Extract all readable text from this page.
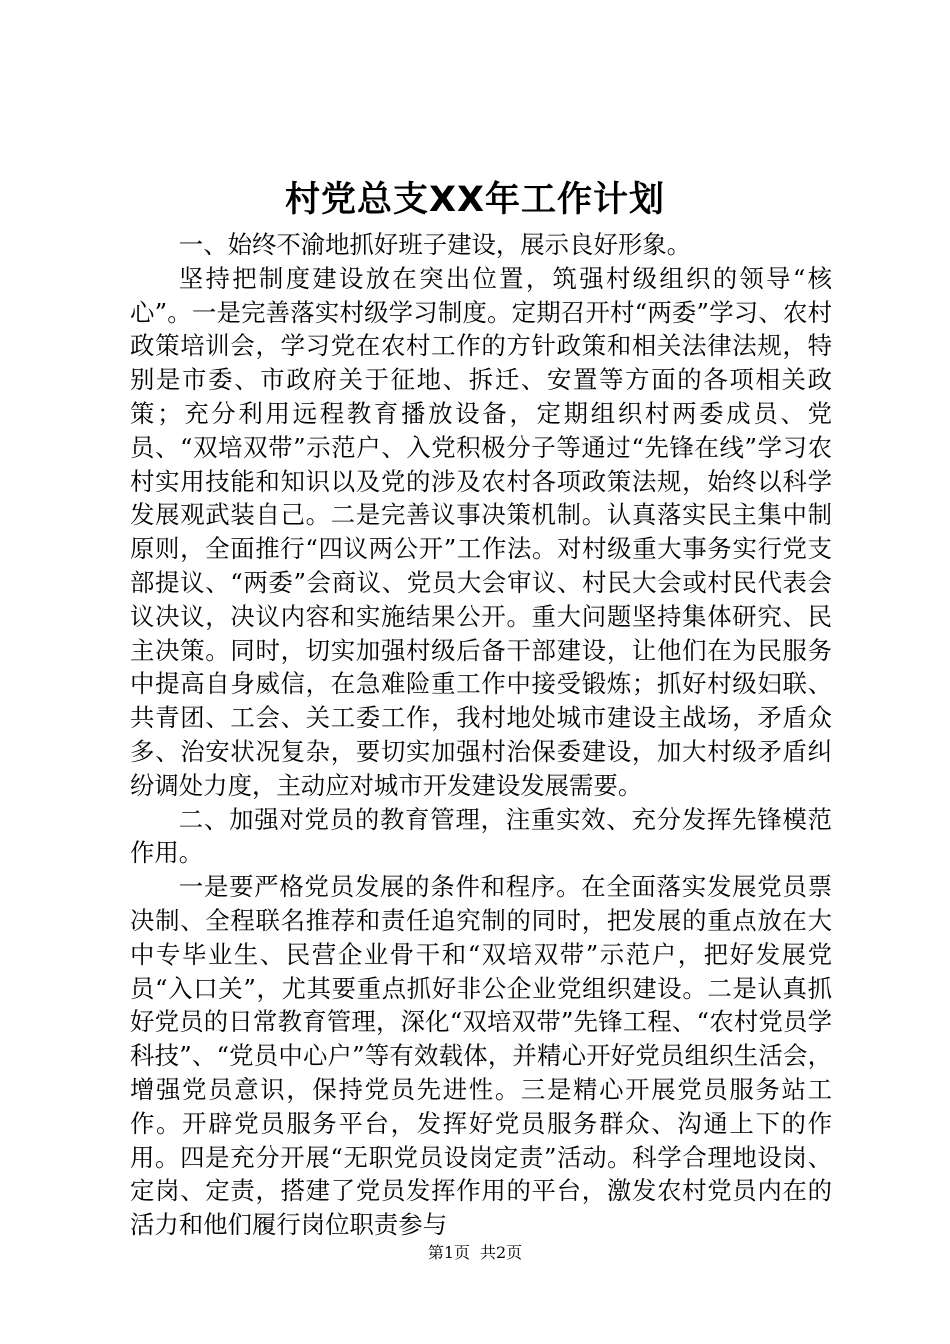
村党总支XX年工作计划

一、始终不渝地抓好班子建设，展示良好形象。

坚持把制度建设放在突出位置，筑强村级组织的领导“核心”。一是完善落实村级学习制度。定期召开村“两委”学习、农村政策培训会，学习党在农村工作的方针政策和相关法律法规，特别是市委、市政府关于征地、拆迁、安置等方面的各项相关政策；充分利用远程教育播放设备，定期组织村两委成员、党员、“双培双带”示范户、入党积极分子等通过“先锋在线”学习农村实用技能和知识以及党的涉及农村各项政策法规，始终以科学发展观武装自己。二是完善议事决策机制。认真落实民主集中制原则，全面推行“四议两公开”工作法。对村级重大事务实行党支部提议、“两委”会商议、党员大会审议、村民大会或村民代表会议决议，决议内容和实施结果公开。重大问题坚持集体研究、民主决策。同时，切实加强村级后备干部建设，让他们在为民服务中提高自身威信，在急难险重工作中接受锻炼；抓好村级妇联、共青团、工会、关工委工作，我村地处城市建设主战场，矛盾众多、治安状况复杂，要切实加强村治保委建设，加大村级矛盾纠纷调处力度，主动应对城市开发建设发展需要。

二、加强对党员的教育管理，注重实效、充分发挥先锋模范作用。

一是要严格党员发展的条件和程序。在全面落实发展党员票决制、全程联名推荐和责任追究制的同时，把发展的重点放在大中专毕业生、民营企业骨干和“双培双带”示范户，把好发展党员“入口关”，尤其要重点抓好非公企业党组织建设。二是认真抓好党员的日常教育管理，深化“双培双带”先锋工程、“农村党员学科技”、“党员中心户”等有效载体，并精心开好党员组织生活会，增强党员意识，保持党员先进性。三是精心开展党员服务站工作。开辟党员服务平台，发挥好党员服务群众、沟通上下的作用。四是充分开展“无职党员设岗定责”活动。科学合理地设岗、定岗、定责，搭建了党员发挥作用的平台，激发农村党员内在的活力和他们履行岗位职责参与

第1页 共2页
